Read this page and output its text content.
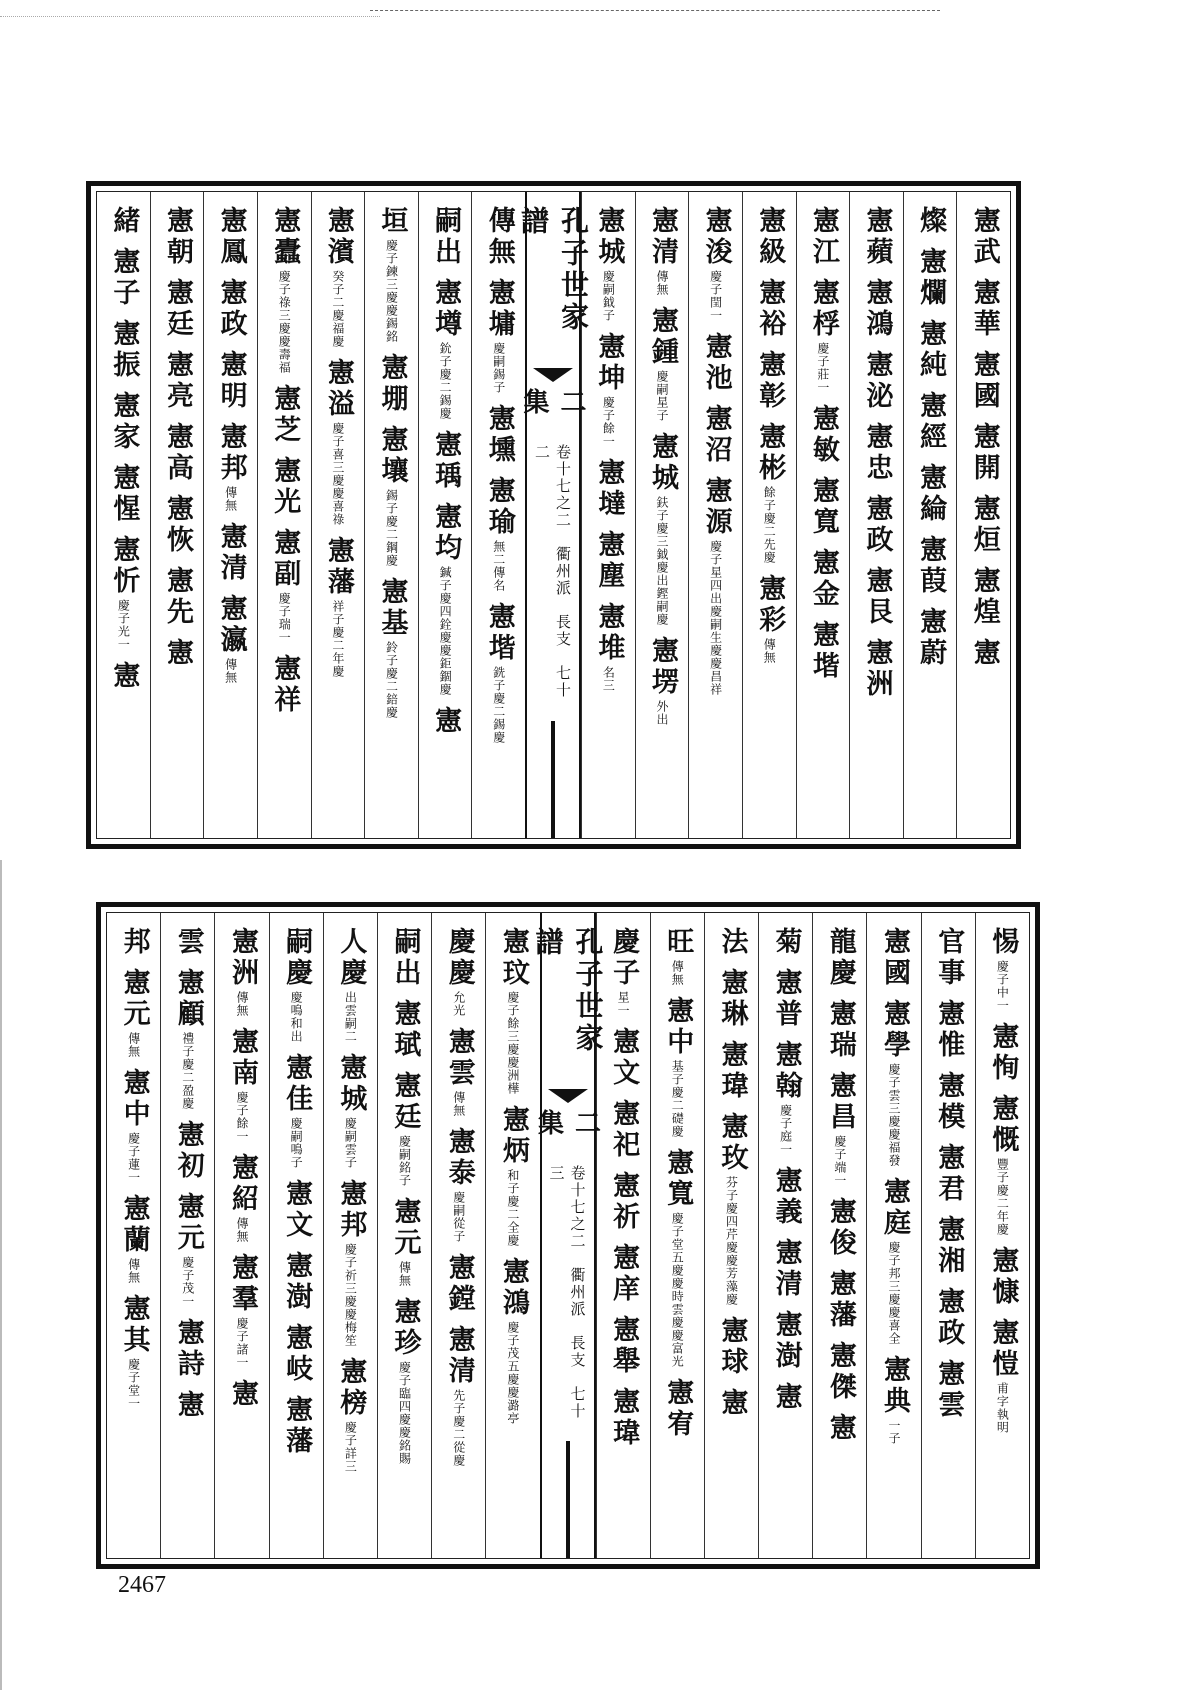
憲武
憲華
憲國
憲開
憲烜
憲煌
憲
燦
憲爛
憲純
憲經
憲綸
憲葭
憲蔚
憲蘋
憲鴻
憲泌
憲忠
憲政
憲艮
憲洲
憲江
憲桴
慶子莊一
憲敏
憲寬
憲金
憲堦
憲級
憲裕
憲彰
憲彬
餘子慶二先慶
憲彩
傳無
憲浚
慶子閏一
憲池
憲沼
憲源
慶子星四出慶嗣生慶慶昌祥
憲清
傳無
憲鍾
慶嗣星子
憲城
鈇子慶三鉞慶出鏗嗣慶
憲塄
外出
憲城
慶嗣鉞子
憲坤
慶子餘一
憲墶
憲塵
憲堆
名三
孔子世家譜
二集
卷十七之二　衢州派　長支　七十二
傳無
憲墉
慶嗣錫子
憲壎
憲瑜
無二傳名
憲堦
銑子慶二錫慶
嗣出
憲墫
鈗子慶二錫慶
憲瑀
憲均
鍼子慶四銓慶慶鉅錮慶
憲
垣
慶子鍊三慶慶錫銘
憲堋
憲壤
錫子慶二鋼慶
憲基
鈴子慶二錇慶
憲濱
癸子二慶福慶
憲溢
慶子喜三慶慶喜祿
憲藩
祥子慶二年慶
憲蠹
慶子祿三慶慶壽福
憲芝
憲光
憲副
慶子瑞一
憲祥
憲鳳
憲政
憲明
憲邦
傳無
憲清
憲瀛
傳無
憲朝
憲廷
憲亮
憲高
憲恢
憲先
憲
緒
憲子
憲振
憲家
憲惺
憲忻
慶子光一
憲
惕
慶子中一
憲恂
憲慨
豐子慶二年慶
憲慷
憲愷
甫字執明
官事
憲惟
憲模
憲君
憲湘
憲政
憲雲
憲國
憲學
慶子雲三慶慶福發
憲庭
慶子邦三慶慶喜全
憲典
一子
龍慶
憲瑞
憲昌
慶子端一
憲俊
憲藩
憲傑
憲
菊
憲普
憲翰
慶子庭一
憲義
憲清
憲澍
憲
法
憲琳
憲瑋
憲玫
芬子慶四芹慶慶芳藻慶
憲球
憲
旺
傳無
憲中
基子慶二礎慶
憲寬
慶子堂五慶慶時雲慶慶富光
憲宥
慶子
星一
憲文
憲祀
憲祈
憲庠
憲舉
憲瑋
孔子世家譜
二集
卷十七之二　衢州派　長支　七十三
憲玟
慶子餘三慶慶洲樺
憲炳
和子慶二全慶
憲鴻
慶子茂五慶慶潞亭
慶慶
允光
憲雲
傳無
憲泰
慶嗣從子
憲鏜
憲清
先子慶二從慶
嗣出
憲珷
憲廷
慶嗣銘子
憲元
傳無
憲珍
慶子臨四慶慶銘賜
人慶
出雲嗣二
憲城
慶嗣雲子
憲邦
慶子祈三慶慶梅笙
憲榜
慶子詳三
嗣慶
慶鳴和出
憲佳
慶嗣鳴子
憲文
憲澍
憲岐
憲藩
憲洲
傳無
憲南
慶子餘一
憲紹
傳無
憲羣
慶子諸一
憲
雲
憲顧
禮子慶二盈慶
憲初
憲元
慶子茂一
憲詩
憲
邦
憲元
傳無
憲中
慶子蓮一
憲蘭
傳無
憲其
慶子堂一
2467
